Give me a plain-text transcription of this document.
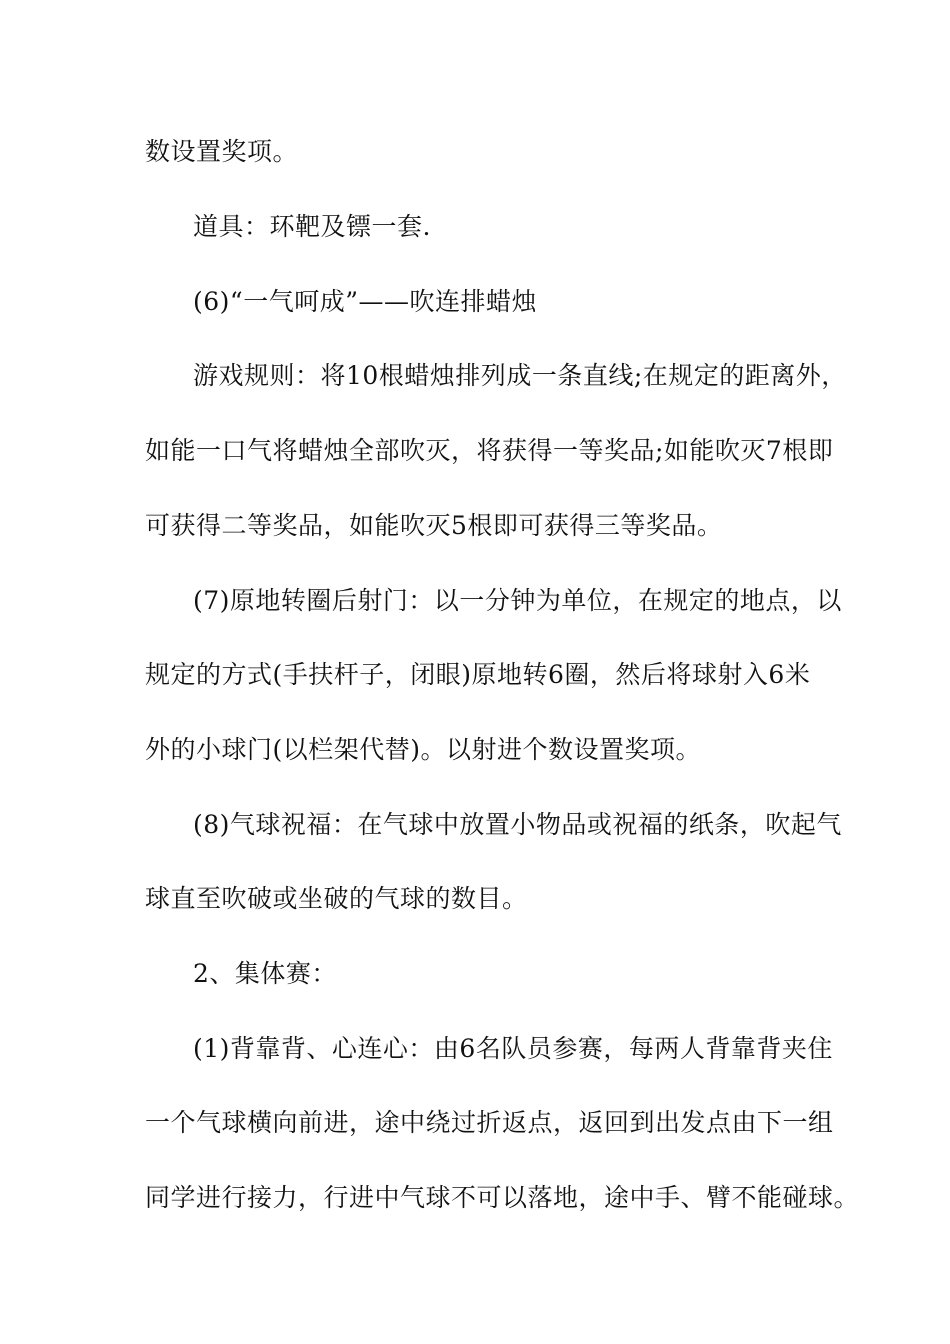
数设置奖项。
道具：环靶及镖一套.
(6)“一气呵成”——吹连排蜡烛
游戏规则：将10根蜡烛排列成一条直线;在规定的距离外，
如能一口气将蜡烛全部吹灭，将获得一等奖品;如能吹灭7根即
可获得二等奖品，如能吹灭5根即可获得三等奖品。
(7)原地转圈后射门：以一分钟为单位，在规定的地点，以
规定的方式(手扶杆子，闭眼)原地转6圈，然后将球射入6米
外的小球门(以栏架代替)。以射进个数设置奖项。
(8)气球祝福：在气球中放置小物品或祝福的纸条，吹起气
球直至吹破或坐破的气球的数目。
2、集体赛：
(1)背靠背、心连心：由6名队员参赛，每两人背靠背夹住
一个气球横向前进，途中绕过折返点，返回到出发点由下一组
同学进行接力，行进中气球不可以落地，途中手、臂不能碰球。
